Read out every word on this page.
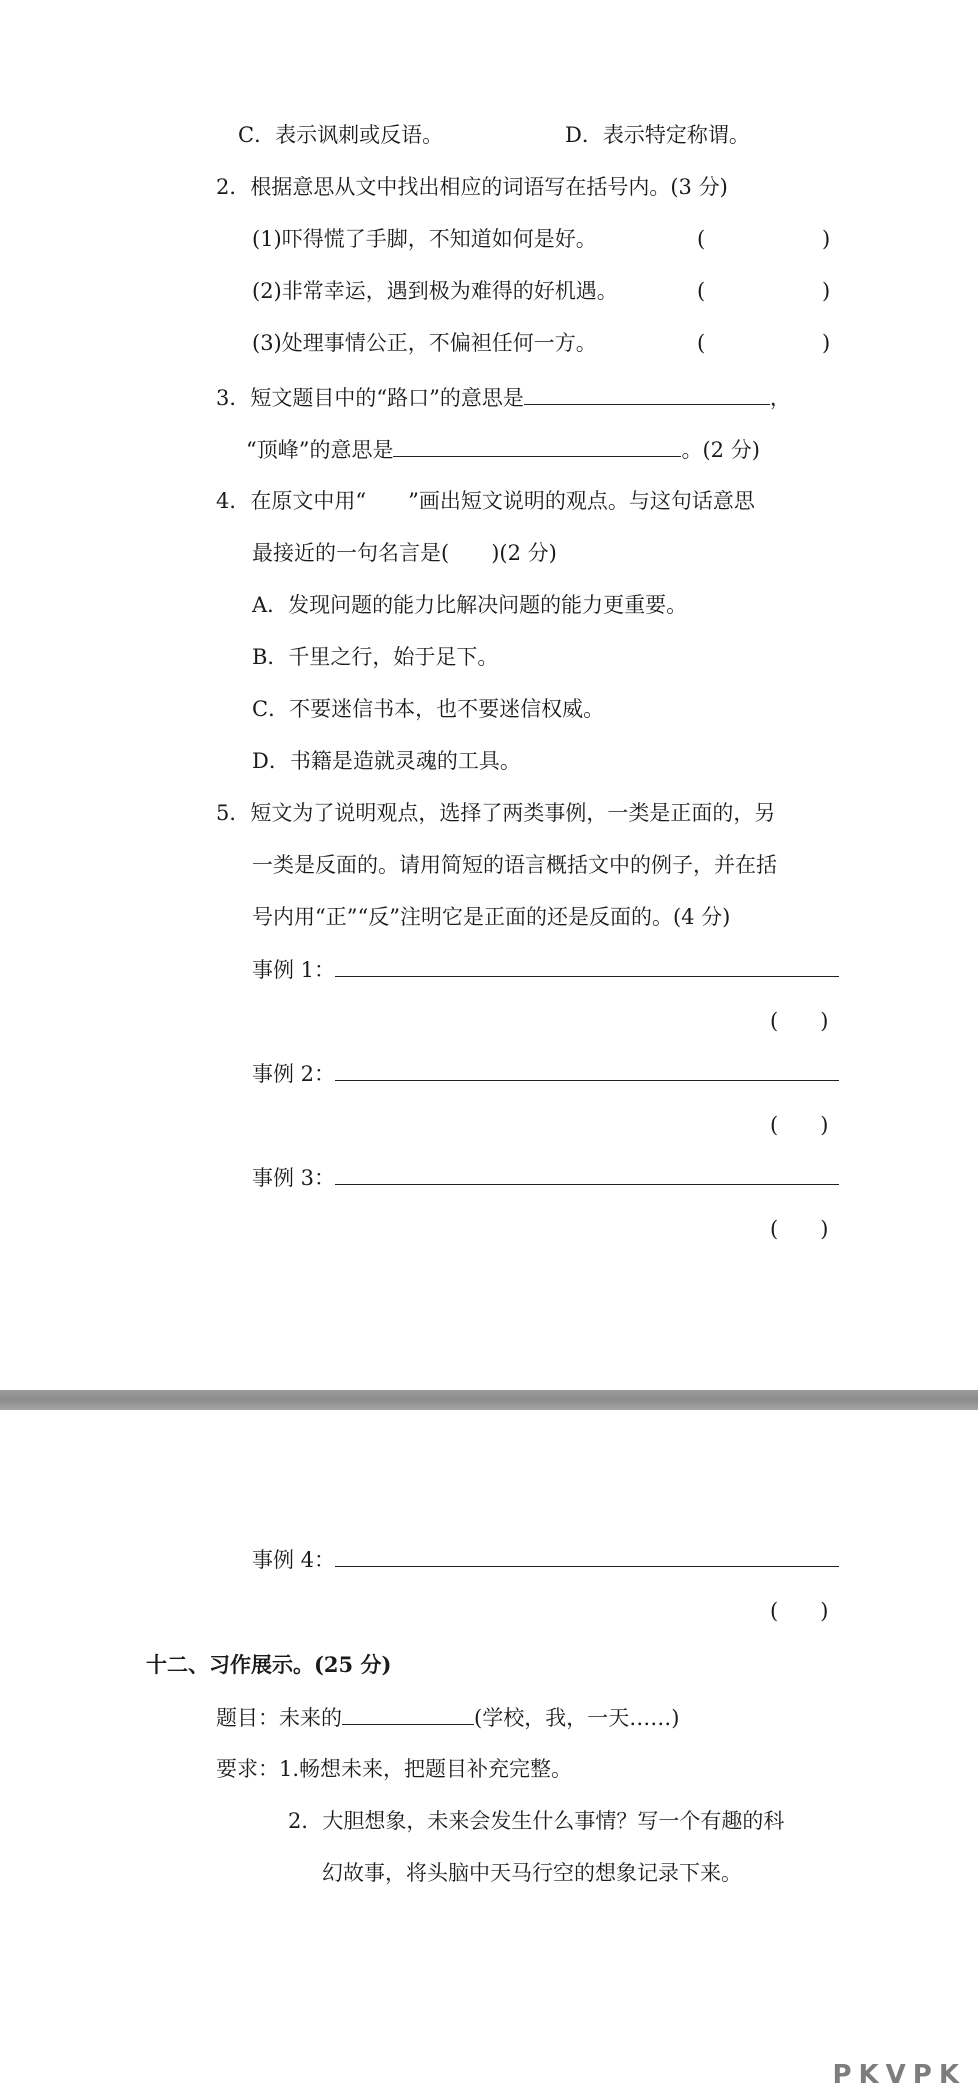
C．表示讽刺或反语。	D．表示特定称谓。
2．根据意思从文中找出相应的词语写在括号内。(3 分)
(1)吓得慌了手脚，不知道如何是好。	(	)
(2)非常幸运，遇到极为难得的好机遇。	(	)
(3)处理事情公正，不偏袒任何一方。	(	)
3．短文题目中的“路口”的意思是	，
“顶峰”的意思是	。(2 分)
4．在原文中用“　　”画出短文说明的观点。与这句话意思
最接近的一句名言是(　　)(2 分)
A．发现问题的能力比解决问题的能力更重要。
B．千里之行，始于足下。
C．不要迷信书本，也不要迷信权威。
D．书籍是造就灵魂的工具。
5．短文为了说明观点，选择了两类事例，一类是正面的，另
一类是反面的。请用简短的语言概括文中的例子，并在括
号内用“正”“反”注明它是正面的还是反面的。(4 分)
事例 1：
(　　)
事例 2：
(　　)
事例 3：
(　　)
事例 4：
(　　)
十二、习作展示。(25 分)
题目：未来的	(学校，我，一天……)
要求：1.畅想未来，把题目补充完整。
2．大胆想象，未来会发生什么事情？写一个有趣的科
幻故事，将头脑中天马行空的想象记录下来。
PKVPK
